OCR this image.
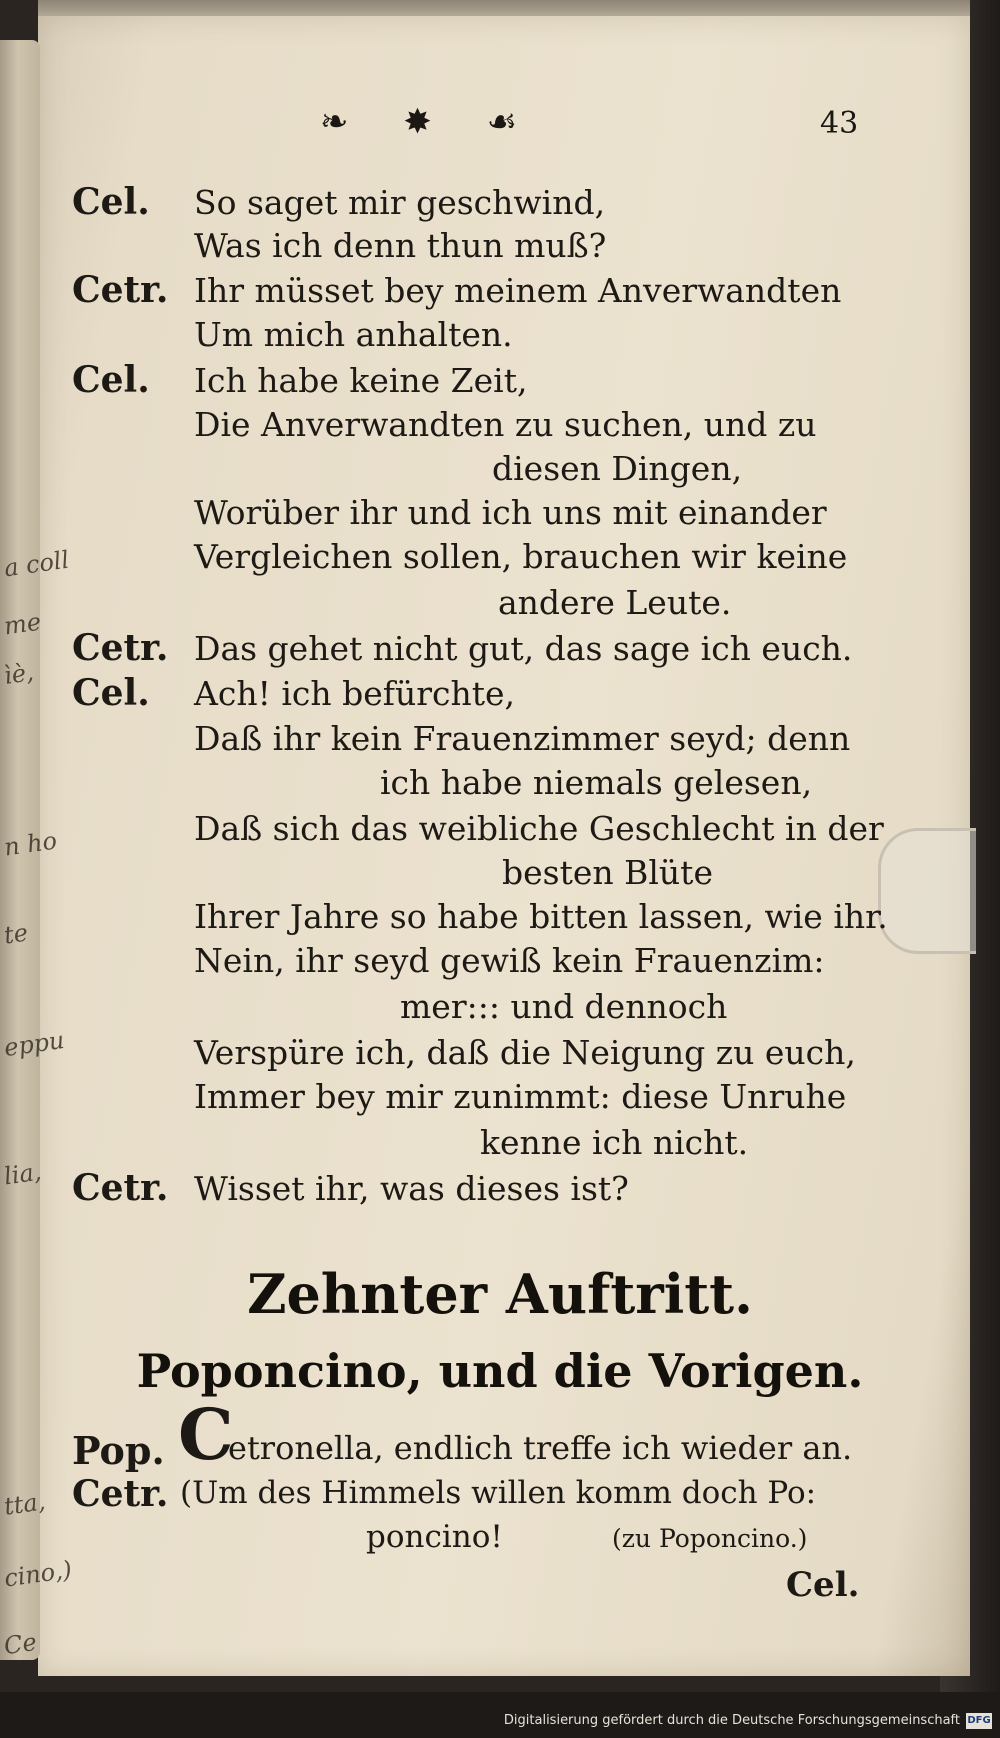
a coll
me
ìè,
n ho
te
eppu
lia,
tta,
cino,)
Ce
❧ ✸ ☙	43
Cel. So saget mir geschwind,
Was ich denn thun muß?
Cetr. Ihr müsset bey meinem Anverwandten
Um mich anhalten.
Cel. Ich habe keine Zeit,
Die Anverwandten zu suchen, und zu
diesen Dingen,
Worüber ihr und ich uns mit einander
Vergleichen sollen, brauchen wir keine
andere Leute.
Cetr. Das gehet nicht gut, das sage ich euch.
Cel. Ach! ich befürchte,
Daß ihr kein Frauenzimmer seyd; denn
ich habe niemals gelesen,
Daß sich das weibliche Geschlecht in der
besten Blüte
Ihrer Jahre so habe bitten lassen, wie ihr.
Nein, ihr seyd gewiß kein Frauenzim:
mer::: und dennoch
Verspüre ich, daß die Neigung zu euch,
Immer bey mir zunimmt: diese Unruhe
kenne ich nicht.
Cetr. Wisset ihr, was dieses ist?
Zehnter Auftritt.
Poponcino, und die Vorigen.
Pop. C
etronella, endlich treffe ich wieder an.
Cetr. (Um des Himmels willen komm doch Po:
poncino!	(zu Poponcino.)
Cel.
Digitalisierung gefördert durch die Deutsche Forschungsgemeinschaft DFG
